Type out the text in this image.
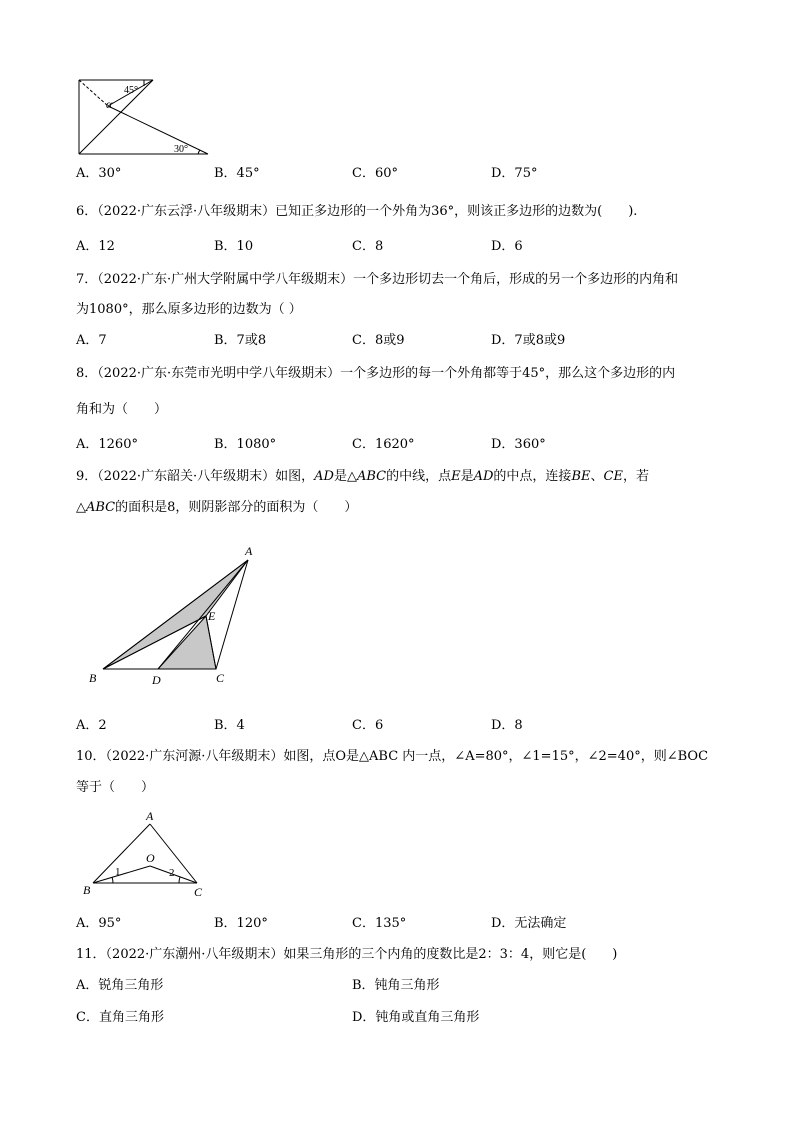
45°
α
30°
A．30°	B．45°	C．60°	D．75°
6．（2022·广东云浮·八年级期末）已知正多边形的一个外角为36°，则该正多边形的边数为(　　).
A．12	B．10	C．8	D．6
7．（2022·广东·广州大学附属中学八年级期末）一个多边形切去一个角后，形成的另一个多边形的内角和
为1080°，那么原多边形的边数为（ ）
A．7	B．7或8	C．8或9	D．7或8或9
8．（2022·广东·东莞市光明中学八年级期末）一个多边形的每一个外角都等于45°，那么这个多边形的内
角和为（　　）
A．1260°	B．1080°	C．1620°	D．360°
9．（2022·广东韶关·八年级期末）如图，AD是△ABC的中线，点E是AD的中点，连接BE、CE，若
△ABC的面积是8，则阴影部分的面积为（　　）
A
E
B	D	C
A．2	B．4	C．6	D．8
10．（2022·广东河源·八年级期末）如图，点O是△ABC 内一点，∠A=80°，∠1=15°，∠2=40°，则∠BOC
等于（　　）
A
O
B	C
1	2
A．95°	B．120°	C．135°	D．无法确定
11．（2022·广东潮州·八年级期末）如果三角形的三个内角的度数比是2：3：4，则它是(　　)
A．锐角三角形	B．钝角三角形
C．直角三角形	D．钝角或直角三角形
